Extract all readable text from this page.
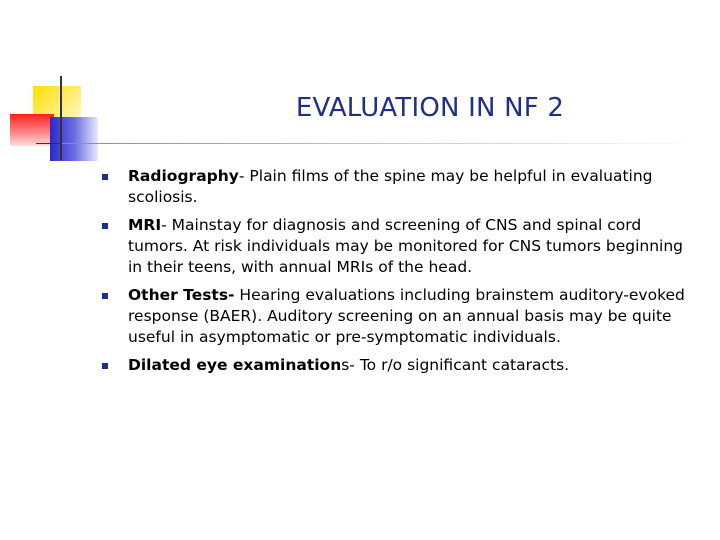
EVALUATION IN NF 2
Radiography- Plain films of the spine may be helpful in evaluating scoliosis.
MRI- Mainstay for diagnosis and screening of CNS and spinal cord tumors. At risk individuals may be monitored for CNS tumors beginning in their teens, with annual MRIs of the head.
Other Tests- Hearing evaluations including brainstem auditory-evoked response (BAER). Auditory screening on an annual basis may be quite useful in asymptomatic or pre-symptomatic individuals.
Dilated eye examinations- To r/o significant cataracts.
